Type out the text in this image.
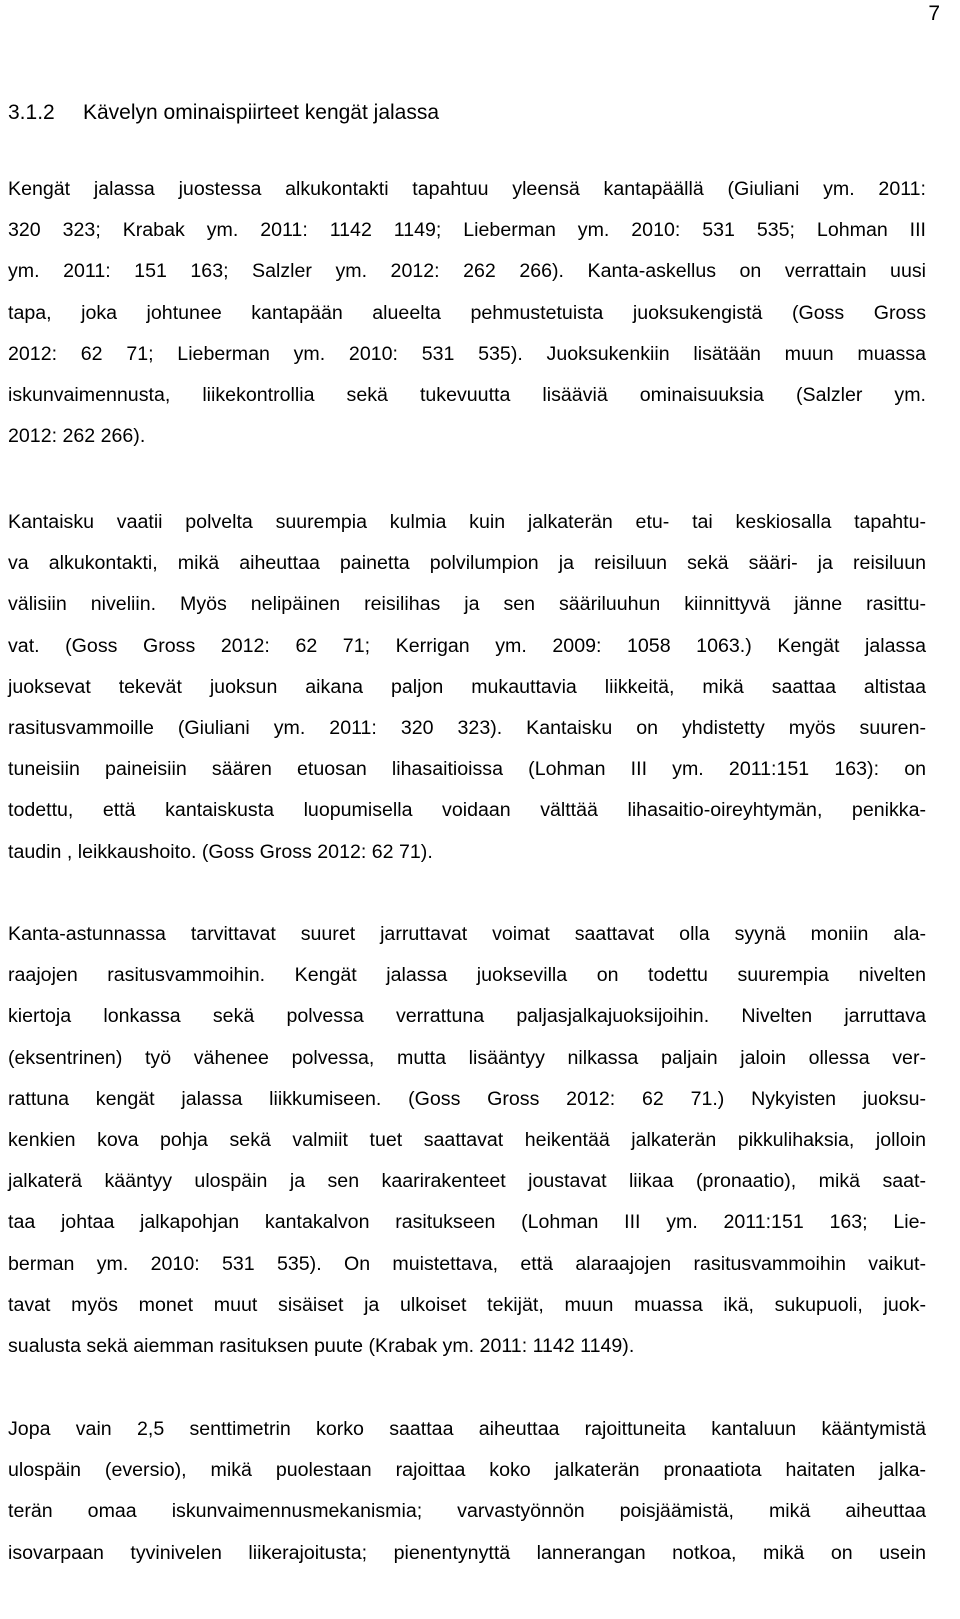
7
3.1.2 Kävelyn ominaispiirteet kengät jalassa
Kengät jalassa juostessa alkukontakti tapahtuu yleensä kantapäällä (Giuliani ym. 2011:
320 323; Krabak ym. 2011: 1142 1149; Lieberman ym. 2010: 531 535; Lohman III
ym. 2011: 151 163; Salzler ym. 2012: 262 266). Kanta-askellus on verrattain uusi
tapa, joka johtunee kantapään alueelta pehmustetuista juoksukengistä (Goss Gross
2012: 62 71; Lieberman ym. 2010: 531 535). Juoksukenkiin lisätään muun muassa
iskunvaimennusta, liikekontrollia sekä tukevuutta lisääviä ominaisuuksia (Salzler ym.
2012: 262 266).
Kantaisku vaatii polvelta suurempia kulmia kuin jalkaterän etu- tai keskiosalla tapahtu-
va alkukontakti, mikä aiheuttaa painetta polvilumpion ja reisiluun sekä sääri- ja reisiluun
välisiin niveliin. Myös nelipäinen reisilihas ja sen sääriluuhun kiinnittyvä jänne rasittu-
vat. (Goss Gross 2012: 62 71; Kerrigan ym. 2009: 1058 1063.) Kengät jalassa
juoksevat tekevät juoksun aikana paljon mukauttavia liikkeitä, mikä saattaa altistaa
rasitusvammoille (Giuliani ym. 2011: 320 323). Kantaisku on yhdistetty myös suuren-
tuneisiin paineisiin säären etuosan lihasaitioissa (Lohman III ym. 2011:151 163): on
todettu, että kantaiskusta luopumisella voidaan välttää lihasaitio-oireyhtymän, penikka-
taudin , leikkaushoito. (Goss Gross 2012: 62 71).
Kanta-astunnassa tarvittavat suuret jarruttavat voimat saattavat olla syynä moniin ala-
raajojen rasitusvammoihin. Kengät jalassa juoksevilla on todettu suurempia nivelten
kiertoja lonkassa sekä polvessa verrattuna paljasjalkajuoksijoihin. Nivelten jarruttava
(eksentrinen) työ vähenee polvessa, mutta lisääntyy nilkassa paljain jaloin ollessa ver-
rattuna kengät jalassa liikkumiseen. (Goss Gross 2012: 62 71.) Nykyisten juoksu-
kenkien kova pohja sekä valmiit tuet saattavat heikentää jalkaterän pikkulihaksia, jolloin
jalkaterä kääntyy ulospäin ja sen kaarirakenteet joustavat liikaa (pronaatio), mikä saat-
taa johtaa jalkapohjan kantakalvon rasitukseen (Lohman III ym. 2011:151 163; Lie-
berman ym. 2010: 531 535). On muistettava, että alaraajojen rasitusvammoihin vaikut-
tavat myös monet muut sisäiset ja ulkoiset tekijät, muun muassa ikä, sukupuoli, juok-
sualusta sekä aiemman rasituksen puute (Krabak ym. 2011: 1142 1149).
Jopa vain 2,5 senttimetrin korko saattaa aiheuttaa rajoittuneita kantaluun kääntymistä
ulospäin (eversio), mikä puolestaan rajoittaa koko jalkaterän pronaatiota haitaten jalka-
terän omaa iskunvaimennusmekanismia; varvastyönnön poisjäämistä, mikä aiheuttaa
isovarpaan tyvinivelen liikerajoitusta; pienentynyttä lannerangan notkoa, mikä on usein
